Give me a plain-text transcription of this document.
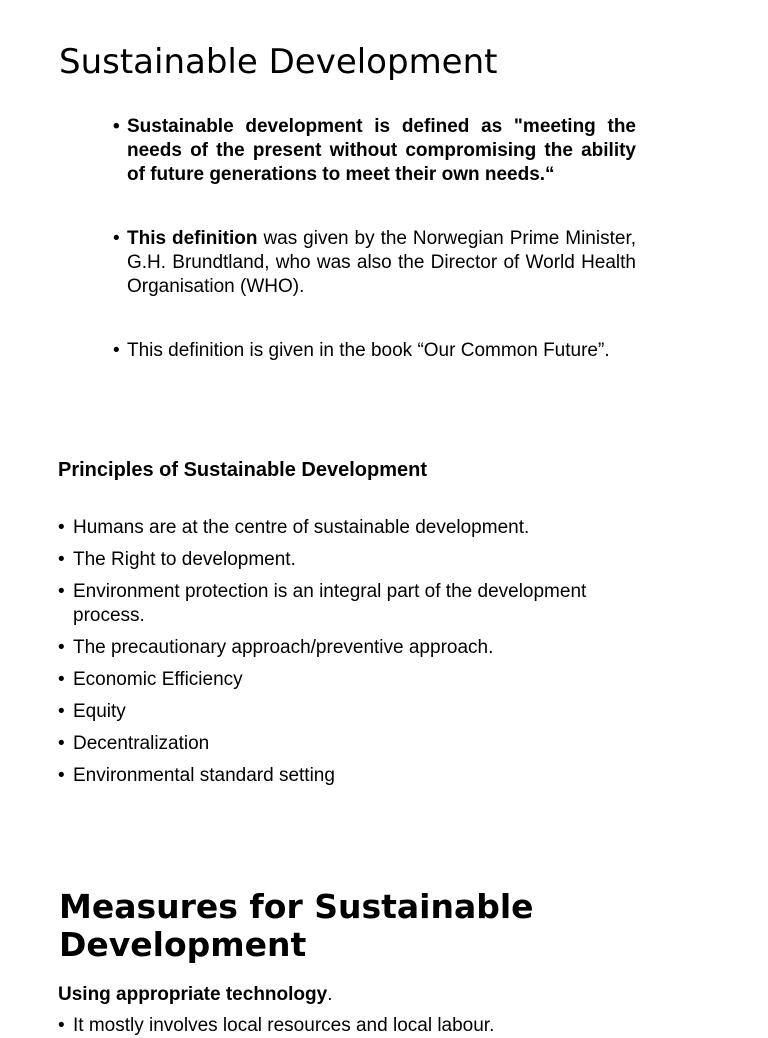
Sustainable Development
• Sustainable development is defined as "meeting the needs of the present without compromising the ability of future generations to meet their own needs.“
• This definition was given by the Norwegian Prime Minister, G.H. Brundtland, who was also the Director of World Health Organisation (WHO).
• This definition is given in the book “Our Common Future”.
Principles of Sustainable Development
• Humans are at the centre of sustainable development.
• The Right to development.
• Environment protection is an integral part of the development process.
• The precautionary approach/preventive approach.
• Economic Efficiency
• Equity
• Decentralization
• Environmental standard setting
Measures for Sustainable Development

Using appropriate technology.

• It mostly involves local resources and local labour.
